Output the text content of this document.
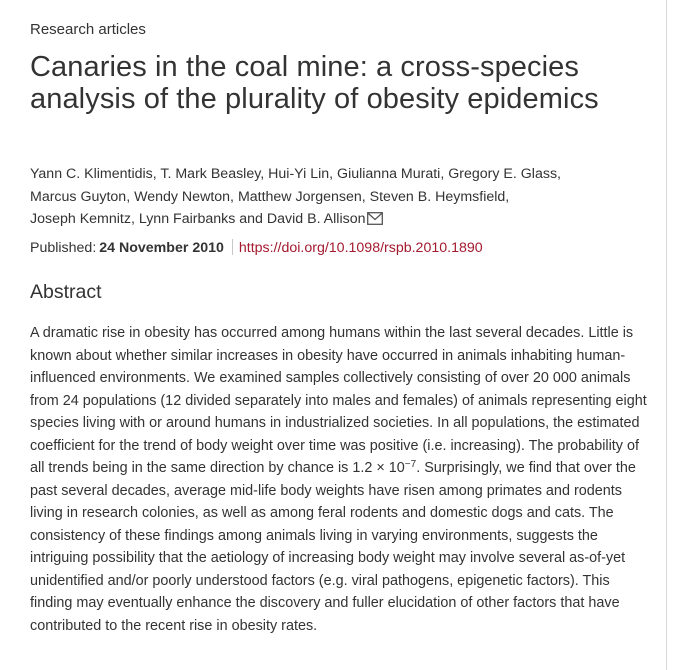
Research articles
Canaries in the coal mine: a cross-species analysis of the plurality of obesity epidemics
Yann C. Klimentidis, T. Mark Beasley, Hui-Yi Lin, Giulianna Murati, Gregory E. Glass, Marcus Guyton, Wendy Newton, Matthew Jorgensen, Steven B. Heymsfield,
Joseph Kemnitz, Lynn Fairbanks and David B. Allison
Published: 24 November 2010 https://doi.org/10.1098/rspb.2010.1890
Abstract

A dramatic rise in obesity has occurred among humans within the last several decades. Little is known about whether similar increases in obesity have occurred in animals inhabiting human-influenced environments. We examined samples collectively consisting of over 20 000 animals from 24 populations (12 divided separately into males and females) of animals representing eight species living with or around humans in industrialized societies. In all populations, the estimated coefficient for the trend of body weight over time was positive (i.e. increasing). The probability of all trends being in the same direction by chance is $1.2 \times 10^{-7}$. Surprisingly, we find that over the past several decades, average mid-life body weights have risen among primates and rodents living in research colonies, as well as among feral rodents and domestic dogs and cats. The consistency of these findings among animals living in varying environments, suggests the intriguing possibility that the aetiology of increasing body weight may involve several as-of-yet unidentified and/or poorly understood factors (e.g. viral pathogens, epigenetic factors). This finding may eventually enhance the discovery and fuller elucidation of other factors that have contributed to the recent rise in obesity rates.
